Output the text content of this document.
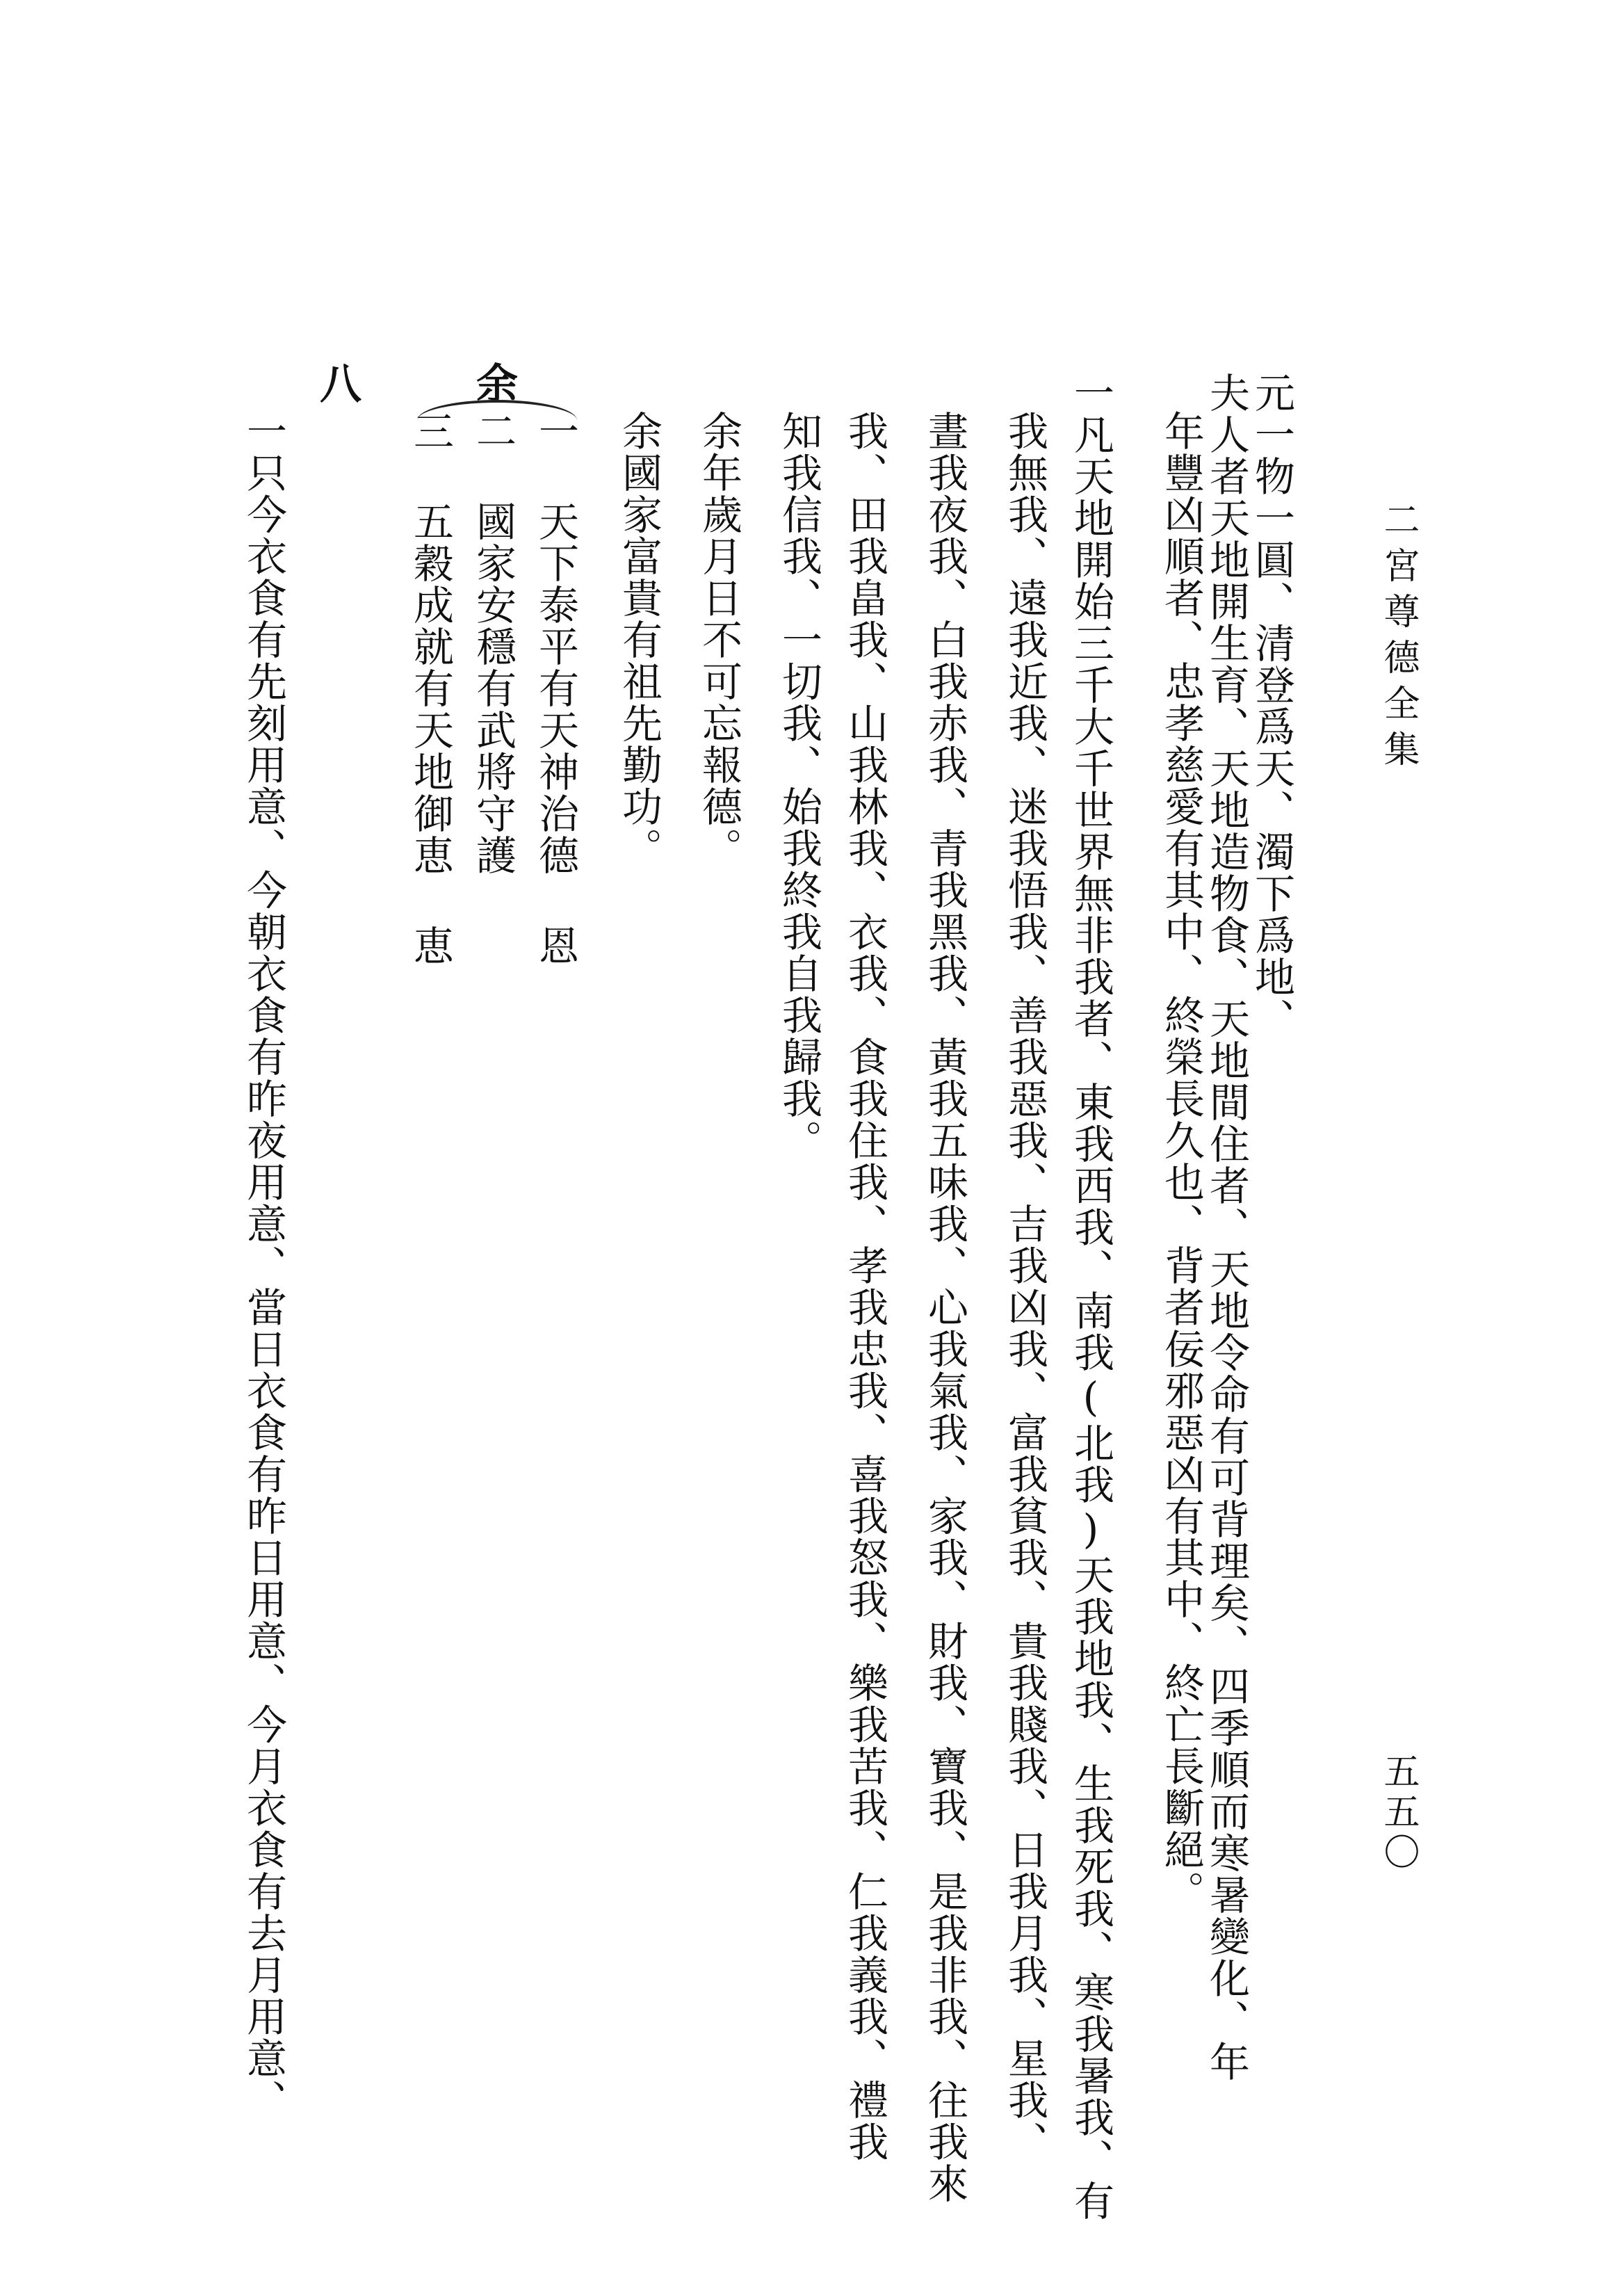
二宮尊德全集
五五〇
元一物一圓、清登爲天、濁下爲地、
夫人者天地開生育、天地造物食、天地間住者、天地令命有可背理矣、四季順而寒暑變化、年
年豐凶順者、忠孝慈愛有其中、終榮長久也、背者佞邪惡凶有其中、終亡長斷絕。
一凡天地開始三千大千世界無非我者、東我西我、南我(北我)天我地我、生我死我、寒我暑我、有
我無我、遠我近我、迷我悟我、善我惡我、吉我凶我、富我貧我、貴我賤我、日我月我、星我、
晝我夜我、白我赤我、青我黑我、黃我五味我、心我氣我、家我、財我、寶我、是我非我、往我來
我、田我畠我、山我林我、衣我、食我住我、孝我忠我、喜我怒我、樂我苦我、仁我義我、禮我
知我信我、一切我、始我終我自我歸我。
余年歲月日不可忘報德。
余國家富貴有祖先勤功。
余
一 天下泰平有天神治德 恩
二 國家安穩有武將守護
三 五穀成就有天地御恵 恵
八
一只今衣食有先刻用意、今朝衣食有昨夜用意、當日衣食有昨日用意、今月衣食有去月用意、
